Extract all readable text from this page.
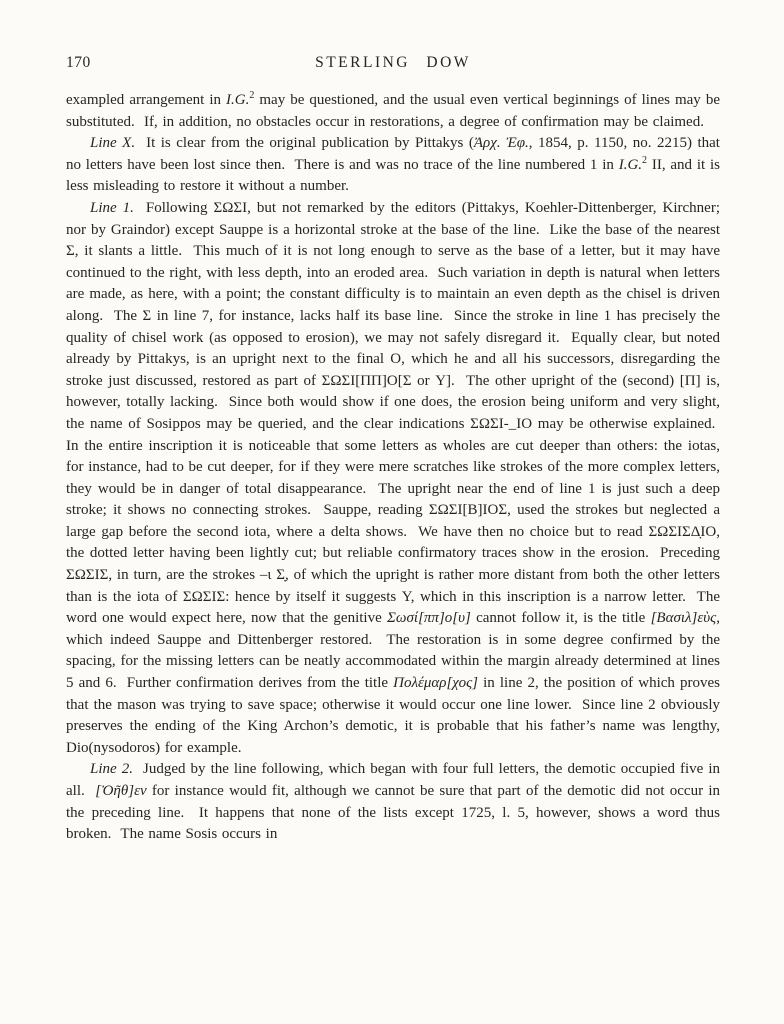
170	STERLING DOW

exampled arrangement in I.G.$^2$ may be questioned, and the usual even vertical beginnings of lines may be substituted.  If, in addition, no obstacles occur in restorations, a degree of confirmation may be claimed.

Line X.  It is clear from the original publication by Pittakys (Ἀρχ. Ἐφ., 1854, p. 1150, no. 2215) that no letters have been lost since then.  There is and was no trace of the line numbered 1 in I.G.$^2$ II, and it is less misleading to restore it without a number.

Line 1.  Following ΣΩΣΙ, but not remarked by the editors (Pittakys, Koehler-Dittenberger, Kirchner; nor by Graindor) except Sauppe is a horizontal stroke at the base of the line.  Like the base of the nearest Σ, it slants a little.  This much of it is not long enough to serve as the base of a letter, but it may have continued to the right, with less depth, into an eroded area.  Such variation in depth is natural when letters are made, as here, with a point; the constant difficulty is to maintain an even depth as the chisel is driven along.  The Σ in line 7, for instance, lacks half its base line.  Since the stroke in line 1 has precisely the quality of chisel work (as opposed to erosion), we may not safely disregard it.  Equally clear, but noted already by Pittakys, is an upright next to the final O, which he and all his successors, disregarding the stroke just discussed, restored as part of ΣΩΣΙ[ΠΠ]Ο[Σ or Υ].  The other upright of the (second) [Π] is, however, totally lacking.  Since both would show if one does, the erosion being uniform and very slight, the name of Sosippos may be queried, and the clear indications ΣΩΣΙ-_ΙΟ may be otherwise explained.  In the entire inscription it is noticeable that some letters as wholes are cut deeper than others: the iotas, for instance, had to be cut deeper, for if they were mere scratches like strokes of the more complex letters, they would be in danger of total disappearance.  The upright near the end of line 1 is just such a deep stroke; it shows no connecting strokes.  Sauppe, reading ΣΩΣΙ[Β]ΙΟΣ, used the strokes but neglected a large gap before the second iota, where a delta shows.  We have then no choice but to read ΣΩΣΙΣΔ̣ΙΟ, the dotted letter having been lightly cut; but reliable confirmatory traces show in the erosion.  Preceding ΣΩΣΙΣ, in turn, are the strokes –ι Σ̣, of which the upright is rather more distant from both the other letters than is the iota of ΣΩΣΙΣ: hence by itself it suggests Υ, which in this inscription is a narrow letter.  The word one would expect here, now that the genitive Σωσί[ππ]ο[υ] cannot follow it, is the title [Βασιλ]εὺς, which indeed Sauppe and Dittenberger restored.  The restoration is in some degree confirmed by the spacing, for the missing letters can be neatly accommodated within the margin already determined at lines 5 and 6.  Further confirmation derives from the title Πολέμαρ[χος] in line 2, the position of which proves that the mason was trying to save space; otherwise it would occur one line lower.  Since line 2 obviously preserves the ending of the King Archon’s demotic, it is probable that his father’s name was lengthy, Dio(nysodoros) for example.

Line 2.  Judged by the line following, which began with four full letters, the demotic occupied five in all.  [Ὀῆθ]εν for instance would fit, although we cannot be sure that part of the demotic did not occur in the preceding line.  It happens that none of the lists except 1725, l. 5, however, shows a word thus broken.  The name Sosis occurs in
